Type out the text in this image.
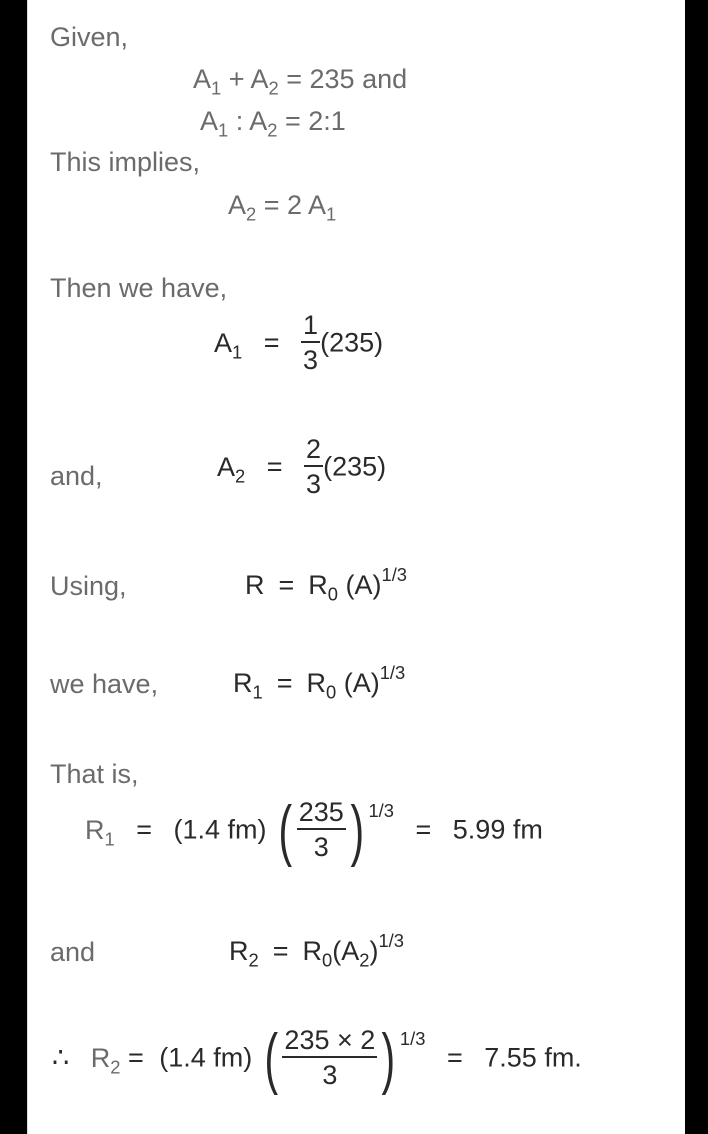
Given,
$A_1 + A_2 = 235$ and
$A_1$ : $A_2$ = 2:1
This implies,
$A_2 = 2$ $A_1$
Then we have,
$A_1 = \frac{1}{3} (235)$
and,	$A_2 = \frac{2}{3} (235)$
Using,	$R = R_0$ $(A)^{1/3}$
we have,	$R_1 = R_0$ $(A)^{1/3}$
That is,
$R_1 = (1.4$ fm) ( $\frac{235}{3}$ ) $^{1/3}$ = 5.99 fm
and	$R_2 = R_0(A_2)^{1/3}$
∴ $R_2 = (1.4$ fm) ( $\frac{235 \times 2}{3}$ ) $^{1/3}$ = 7.55 fm.
